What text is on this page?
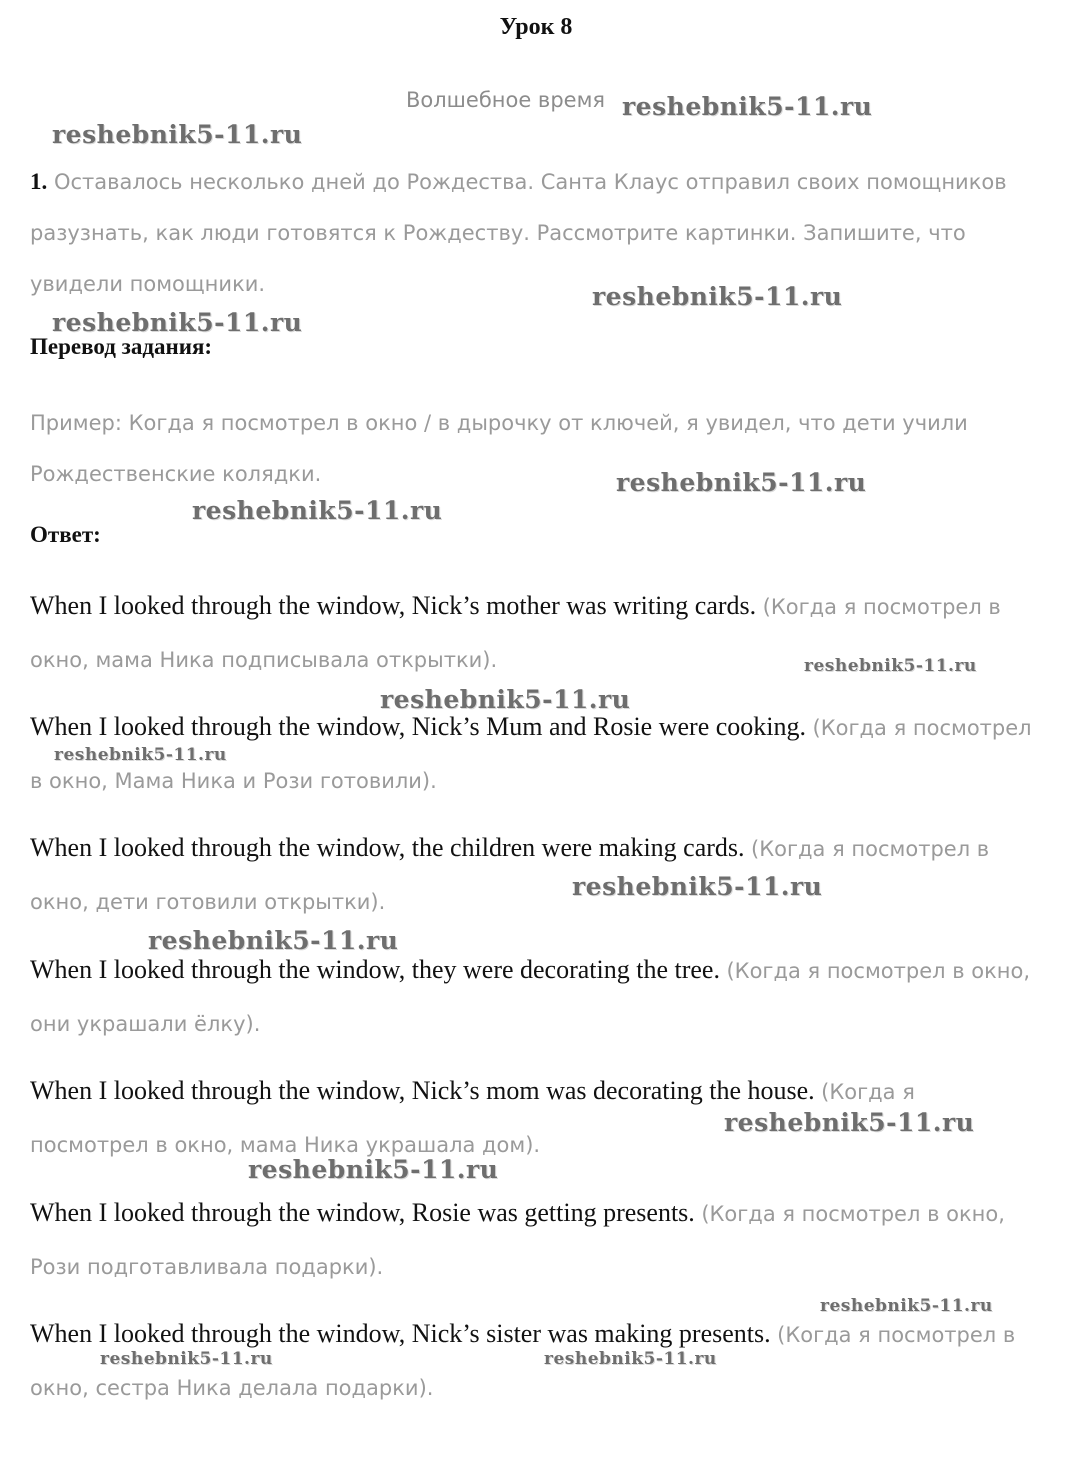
Урок 8
Волшебное время
1. Оставалось несколько дней до Рождества. Санта Клаус отправил своих помощников разузнать, как люди готовятся к Рождеству. Рассмотрите картинки. Запишите, что увидели помощники.
Перевод задания:
Пример: Когда я посмотрел в окно / в дырочку от ключей, я увидел, что дети учили Рождественские колядки.
Ответ:
When I looked through the window, Nick’s mother was writing cards. (Когда я посмотрел в окно, мама Ника подписывала открытки).
When I looked through the window, Nick’s Mum and Rosie were cooking. (Когда я посмотрел в окно, Мама Ника и Рози готовили).
When I looked through the window, the children were making cards. (Когда я посмотрел в окно, дети готовили открытки).
When I looked through the window, they were decorating the tree. (Когда я посмотрел в окно, они украшали ёлку).
When I looked through the window, Nick’s mom was decorating the house. (Когда я посмотрел в окно, мама Ника украшала дом).
When I looked through the window, Rosie was getting presents. (Когда я посмотрел в окно, Рози подготавливала подарки).
When I looked through the window, Nick’s sister was making presents. (Когда я посмотрел в окно, сестра Ника делала подарки).
reshebnik5-11.ru
reshebnik5-11.ru
reshebnik5-11.ru
reshebnik5-11.ru
reshebnik5-11.ru
reshebnik5-11.ru
reshebnik5-11.ru
reshebnik5-11.ru
reshebnik5-11.ru
reshebnik5-11.ru
reshebnik5-11.ru
reshebnik5-11.ru
reshebnik5-11.ru
reshebnik5-11.ru
reshebnik5-11.ru	reshebnik5-11.ru
